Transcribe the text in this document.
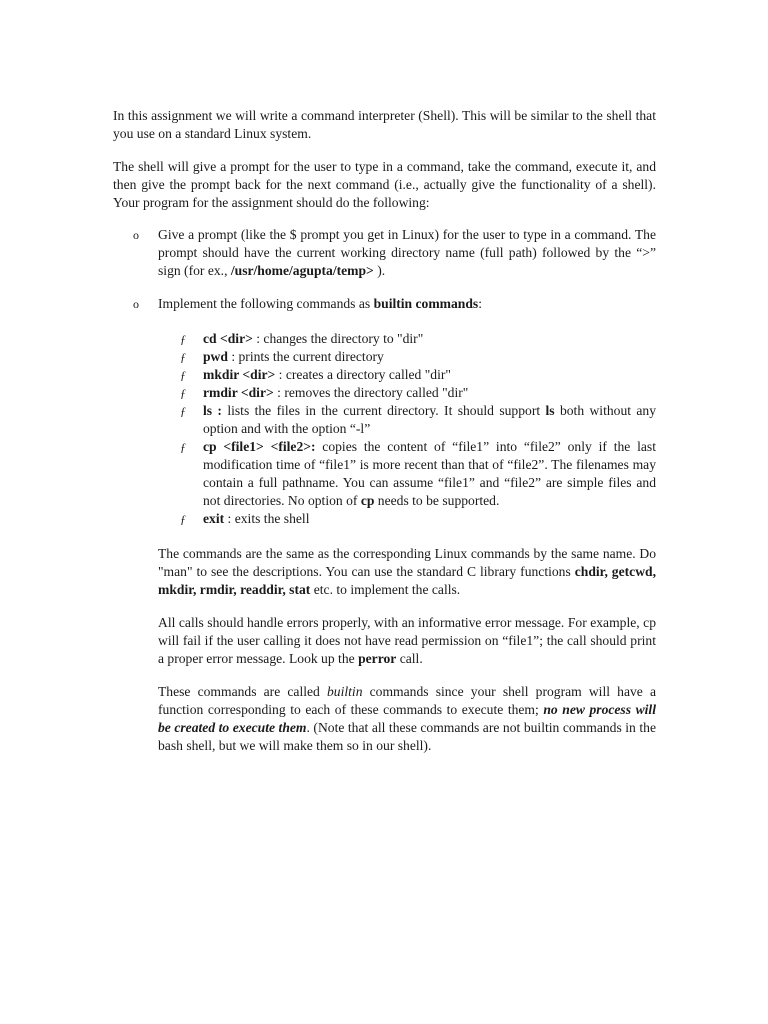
In this assignment we will write a command interpreter (Shell). This will be similar to the shell that you use on a standard Linux system.

The shell will give a prompt for the user to type in a command, take the command, execute it, and then give the prompt back for the next command (i.e., actually give the functionality of a shell). Your program for the assignment should do the following:

o Give a prompt (like the $ prompt you get in Linux) for the user to type in a command. The prompt should have the current working directory name (full path) followed by the “>” sign (for ex., /usr/home/agupta/temp> ).
o Implement the following commands as builtin commands:
ƒ cd <dir> : changes the directory to "dir"
ƒ pwd : prints the current directory
ƒ mkdir <dir> : creates a directory called "dir"
ƒ rmdir <dir> : removes the directory called "dir"
ƒ ls : lists the files in the current directory. It should support ls both without any option and with the option “-l”
ƒ cp <file1> <file2>: copies the content of “file1” into “file2” only if the last modification time of “file1” is more recent than that of “file2”. The filenames may contain a full pathname. You can assume “file1” and “file2” are simple files and not directories. No option of cp needs to be supported.
ƒ exit : exits the shell

The commands are the same as the corresponding Linux commands by the same name. Do "man" to see the descriptions. You can use the standard C library functions chdir, getcwd, mkdir, rmdir, readdir, stat etc. to implement the calls.

All calls should handle errors properly, with an informative error message. For example, cp will fail if the user calling it does not have read permission on “file1”; the call should print a proper error message. Look up the perror call.

These commands are called builtin commands since your shell program will have a function corresponding to each of these commands to execute them; no new process will be created to execute them. (Note that all these commands are not builtin commands in the bash shell, but we will make them so in our shell).
